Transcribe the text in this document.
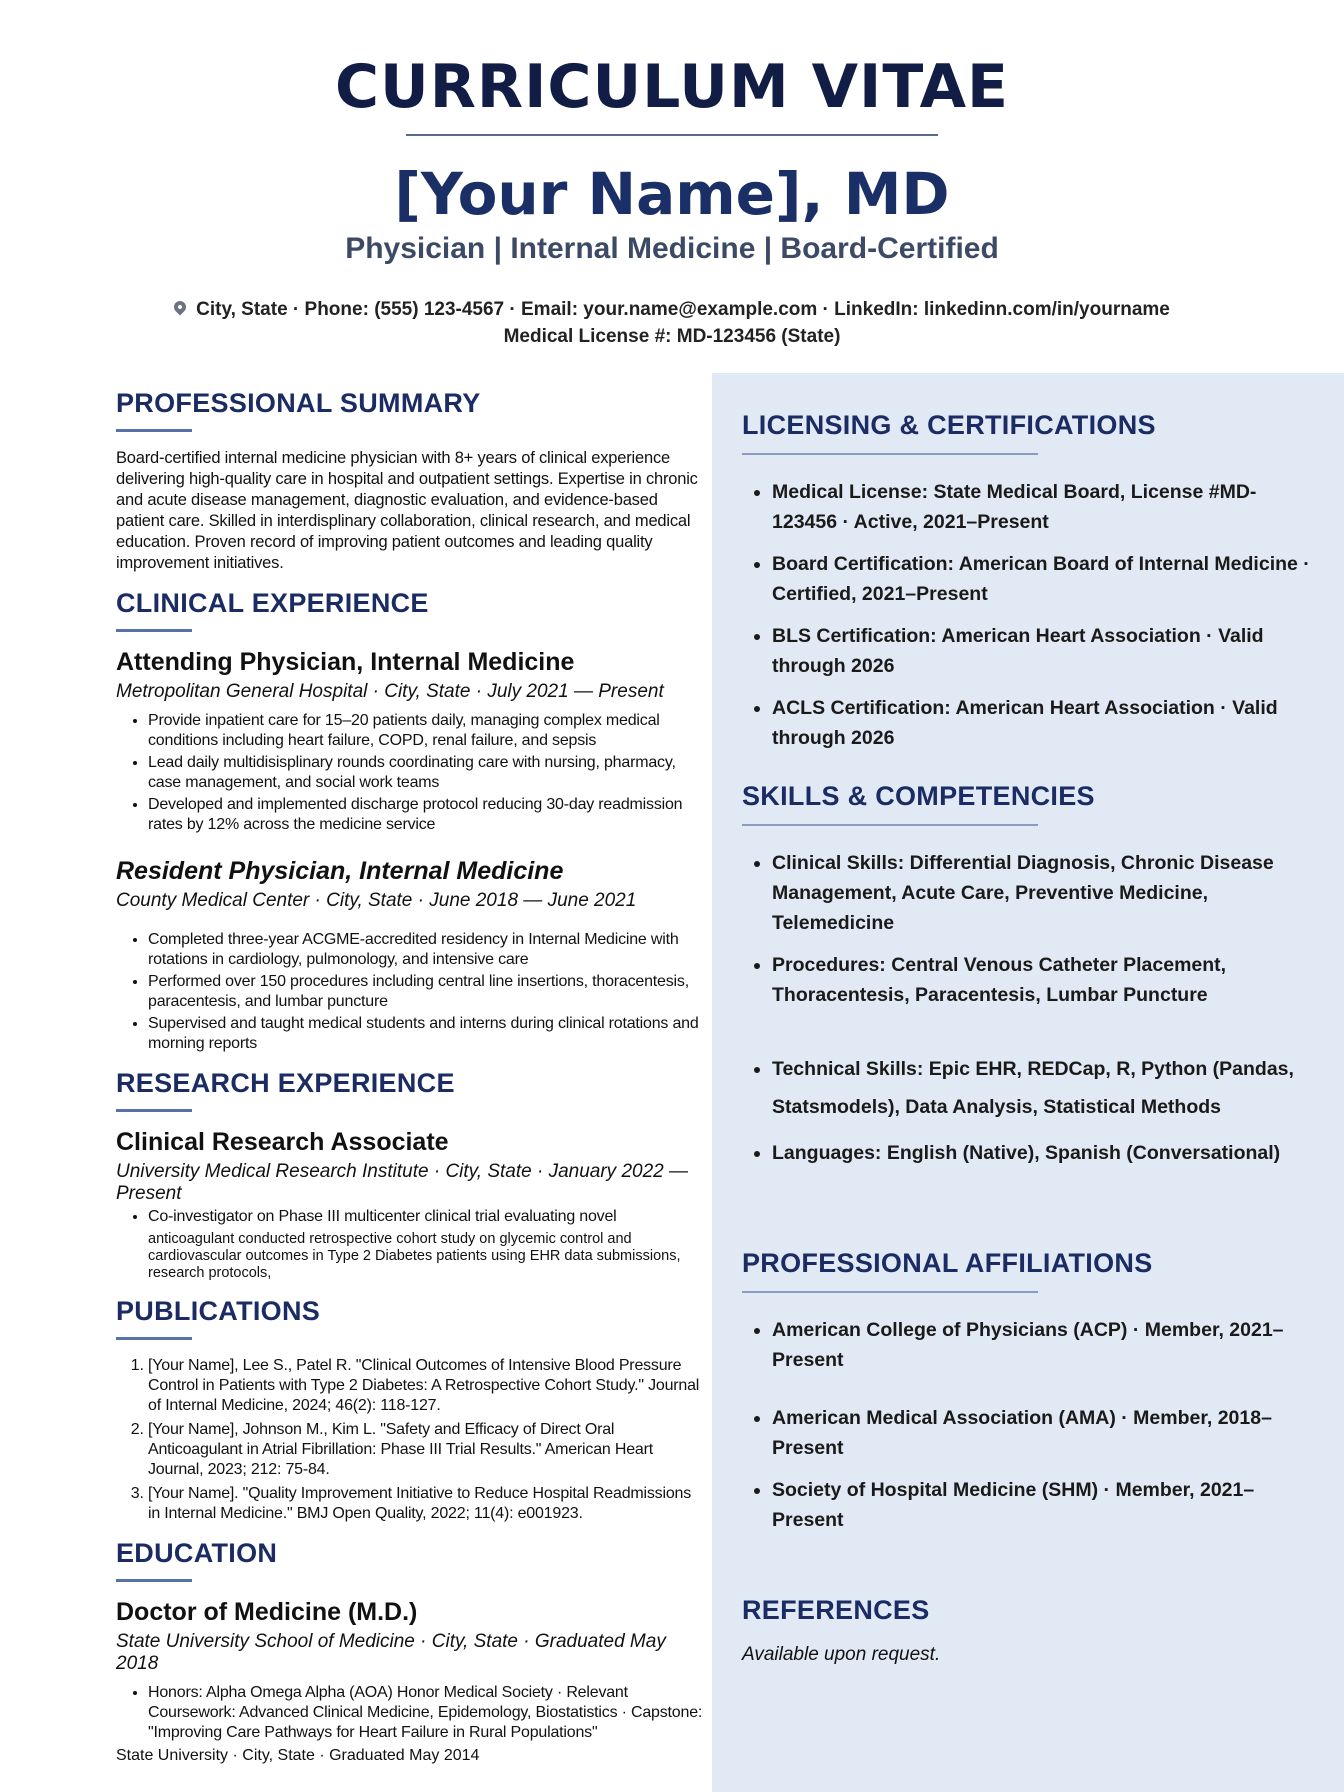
CURRICULUM VITAE
[Your Name], MD
Physician | Internal Medicine | Board-Certified
City, State · Phone: (555) 123-4567 · Email: your.name@example.com · LinkedIn: linkedinn.com/in/yourname
Medical License #: MD-123456 (State)
PROFESSIONAL SUMMARY

Board-certified internal medicine physician with 8+ years of clinical experience delivering high-quality care in hospital and outpatient settings. Expertise in chronic and acute disease management, diagnostic evaluation, and evidence-based patient care. Skilled in interdisplinary collaboration, clinical research, and medical education. Proven record of improving patient outcomes and leading quality improvement initiatives.

CLINICAL EXPERIENCE
Attending Physician, Internal Medicine
Metropolitan General Hospital · City, State · July 2021 — Present
• Provide inpatient care for 15–20 patients daily, managing complex medical conditions including heart failure, COPD, renal failure, and sepsis
• Lead daily multidisisplinary rounds coordinating care with nursing, pharmacy, case management, and social work teams
• Developed and implemented discharge protocol reducing 30-day readmission rates by 12% across the medicine service
Resident Physician, Internal Medicine
County Medical Center · City, State · June 2018 — June 2021
• Completed three-year ACGME-accredited residency in Internal Medicine with rotations in cardiology, pulmonology, and intensive care
• Performed over 150 procedures including central line insertions, thoracentesis, paracentesis, and lumbar puncture
• Supervised and taught medical students and interns during clinical rotations and morning reports
RESEARCH EXPERIENCE
Clinical Research Associate
University Medical Research Institute · City, State · January 2022 — Present
• Co-investigator on Phase III multicenter clinical trial evaluating novel

anticoagulant conducted retrospective cohort study on glycemic control and cardiovascular outcomes in Type 2 Diabetes patients using EHR data submissions, research protocols,

PUBLICATIONS
1. [Your Name], Lee S., Patel R. "Clinical Outcomes of Intensive Blood Pressure Control in Patients with Type 2 Diabetes: A Retrospective Cohort Study." Journal of Internal Medicine, 2024; 46(2): 118-127.
2. [Your Name], Johnson M., Kim L. "Safety and Efficacy of Direct Oral Anticoagulant in Atrial Fibrillation: Phase III Trial Results." American Heart Journal, 2023; 212: 75-84.
3. [Your Name]. "Quality Improvement Initiative to Reduce Hospital Readmissions in Internal Medicine." BMJ Open Quality, 2022; 11(4): e001923.
EDUCATION
Doctor of Medicine (M.D.)
State University School of Medicine · City, State · Graduated May 2018
• Honors: Alpha Omega Alpha (AOA) Honor Medical Society · Relevant Coursework: Advanced Clinical Medicine, Epidemology, Biostatistics · Capstone: "Improving Care Pathways for Heart Failure in Rural Populations"

State University · City, State · Graduated May 2014

LICENSING & CERTIFICATIONS
• Medical License: State Medical Board, License #MD-123456 · Active, 2021–Present
• Board Certification: American Board of Internal Medicine · Certified, 2021–Present
• BLS Certification: American Heart Association · Valid through 2026
• ACLS Certification: American Heart Association · Valid through 2026
SKILLS & COMPETENCIES
• Clinical Skills: Differential Diagnosis, Chronic Disease Management, Acute Care, Preventive Medicine, Telemedicine
• Procedures: Central Venous Catheter Placement, Thoracentesis, Paracentesis, Lumbar Puncture
• Technical Skills: Epic EHR, REDCap, R, Python (Pandas, Statsmodels), Data Analysis, Statistical Methods
• Languages: English (Native), Spanish (Conversational)
PROFESSIONAL AFFILIATIONS
• American College of Physicians (ACP) · Member, 2021–Present
• American Medical Association (AMA) · Member, 2018–Present
• Society of Hospital Medicine (SHM) · Member, 2021–Present
REFERENCES

Available upon request.
